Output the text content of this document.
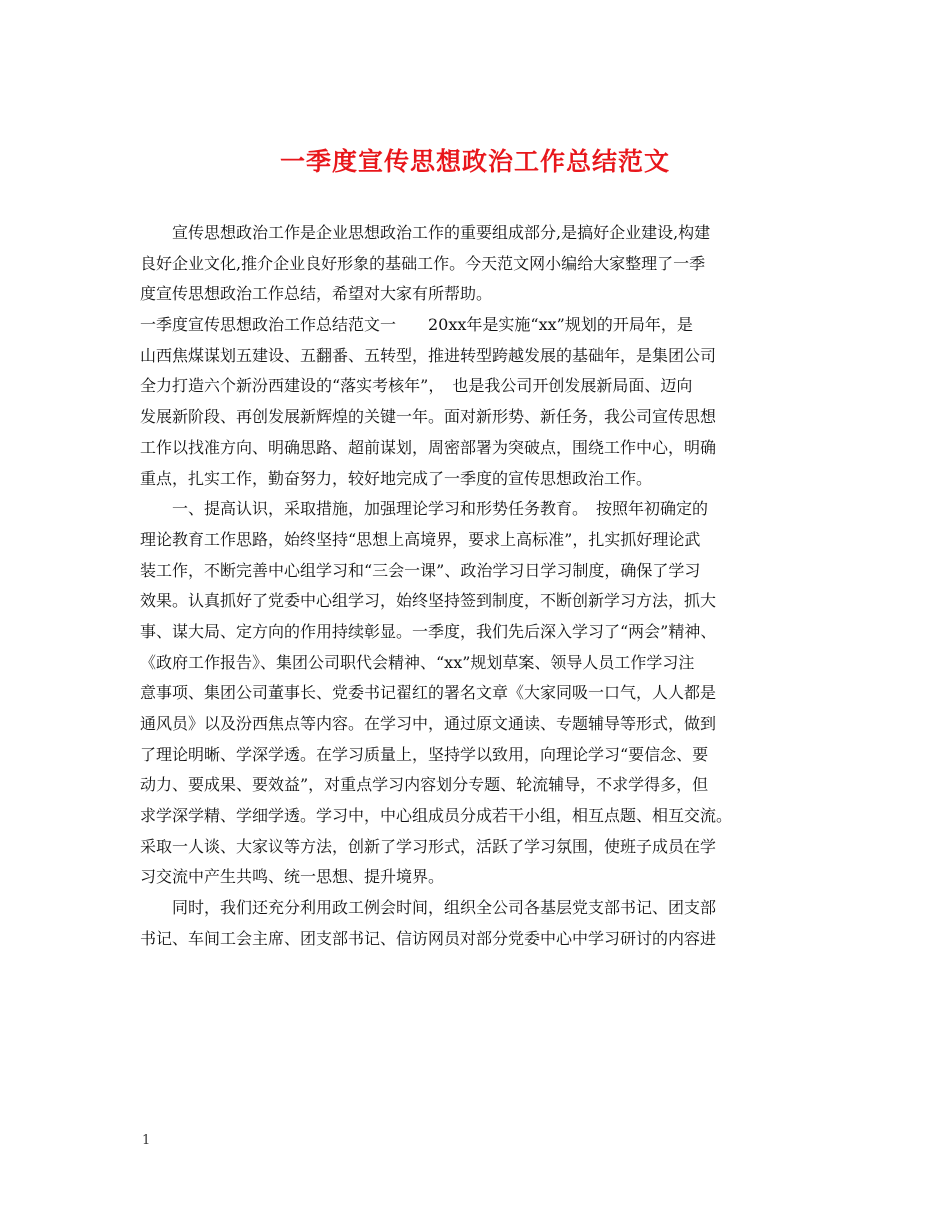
一季度宣传思想政治工作总结范文
　　宣传思想政治工作是企业思想政治工作的重要组成部分,是搞好企业建设,构建
良好企业文化,推介企业良好形象的基础工作。今天范文网小编给大家整理了一季
度宣传思想政治工作总结，希望对大家有所帮助。
一季度宣传思想政治工作总结范文一　　20xx年是实施“xx”规划的开局年，是
山西焦煤谋划五建设、五翻番、五转型，推进转型跨越发展的基础年，是集团公司
全力打造六个新汾西建设的“落实考核年”，　也是我公司开创发展新局面、迈向
发展新阶段、再创发展新辉煌的关键一年。面对新形势、新任务，我公司宣传思想
工作以找准方向、明确思路、超前谋划，周密部署为突破点，围绕工作中心，明确
重点，扎实工作，勤奋努力，较好地完成了一季度的宣传思想政治工作。
　　一、提高认识，采取措施，加强理论学习和形势任务教育。　按照年初确定的
理论教育工作思路，始终坚持“思想上高境界，要求上高标准”，扎实抓好理论武
装工作，不断完善中心组学习和“三会一课”、政治学习日学习制度，确保了学习
效果。认真抓好了党委中心组学习，始终坚持签到制度，不断创新学习方法，抓大
事、谋大局、定方向的作用持续彰显。一季度，我们先后深入学习了“两会”精神、
《政府工作报告》、集团公司职代会精神、“xx”规划草案、领导人员工作学习注
意事项、集团公司董事长、党委书记翟红的署名文章《大家同吸一口气，人人都是
通风员》以及汾西焦点等内容。在学习中，通过原文通读、专题辅导等形式，做到
了理论明晰、学深学透。在学习质量上，坚持学以致用，向理论学习“要信念、要
动力、要成果、要效益”，对重点学习内容划分专题、轮流辅导，不求学得多，但
求学深学精、学细学透。学习中，中心组成员分成若干小组，相互点题、相互交流。
采取一人谈、大家议等方法，创新了学习形式，活跃了学习氛围，使班子成员在学
习交流中产生共鸣、统一思想、提升境界。
　　同时，我们还充分利用政工例会时间，组织全公司各基层党支部书记、团支部
书记、车间工会主席、团支部书记、信访网员对部分党委中心中学习研讨的内容进
1
